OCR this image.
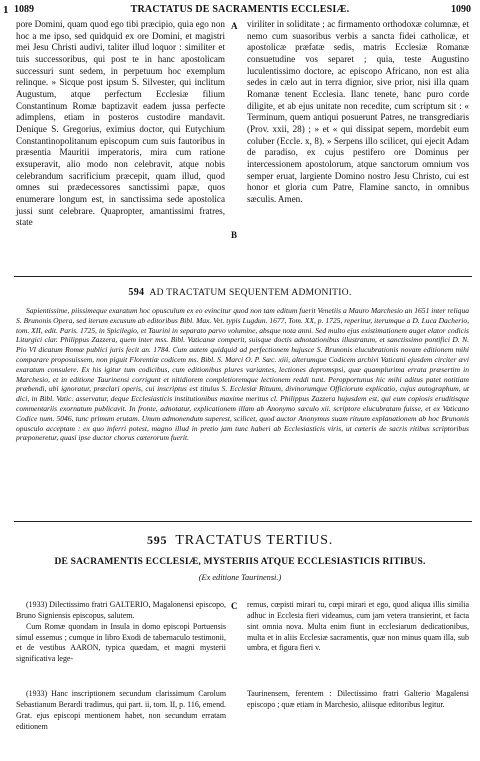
1 1089	TRACTATUS DE SACRAMENTIS ECCLESIÆ.	1090
pore Domini, quam quod ego tibi præcipio, quia ego non hoc a me ipso, sed quidquid ex ore Domini, et magistri mei Jesu Christi audivi, taliter illud loquor : similiter et tuis successoribus, qui post te in hanc apostolicam successuri sunt sedem, in perpetuum hoc exemplum relinque. » Sicque post ipsum S. Silvester, qui inclitum Augustum, atque perfectum Ecclesiæ filium Constantinum Romæ baptizavit eadem jussa perfecte adimplens, etiam in posteros custodire mandavit. Denique S. Gregorius, eximius doctor, qui Eutychium Constantinopolitanum episcopum cum suis fautoribus in præsentia Mauritii imperatoris, mira cum ratione exsuperavit, alio modo non celebravit, atque nobis celebrandum sacrificium præcepit, quam illud, quod omnes sui prædecessores sanctissimi papæ, quos enumerare longum est, in sanctissima sede apostolica jussi sunt celebrare. Quapropter, amantissimi fratres, state
viriliter in soliditate ; ac firmamento orthodoxæ columnæ, et nemo cum suasoribus verbis a sancta fidei catholicæ, et apostolicæ præfatæ sedis, matris Ecclesiæ Romanæ consuetudine vos separet ; quia, teste Augustino luculentissimo doctore, ac episcopo Africano, non est alia sedes in cælo aut in terra dignior, sive prior, nisi illa quam Romanæ tenent Ecclesia. Ilanc tenete, hanc puro corde diligite, et ab ejus unitate non recedite, cum scriptum sit : « Terminum, quem antiqui posuerunt Patres, ne transgrediaris (Prov. xxii, 28) ; » et « qui dissipat sepem, mordebit eum coluber (Eccle. x, 8). » Serpens illo scilicet, qui ejecit Adam de paradiso, ex cujus pestifero ore Dominus per intercessionem apostolorum, atque sanctorum omnium vos semper eruat, largiente Domino nostro Jesu Christo, cui est honor et gloria cum Patre, Flamine sancto, in omnibus sæculis. Amen.
A
B
594 AD TRACTATUM SEQUENTEM ADMONITIO.
Sapientissime, piissimeque exaratum hoc opusculum ex eo evincitur quod non tam editum fuerit Venetiis a Mauro Marchesio an 1651 inter reliqua S. Brunonis Opera, sed iterum excusum ab editoribus Bibl. Max. Vet. typis Lugdun. 1677, Tom. XX, p. 1725, reperitur, iterumque a D. Luca Dacherio, tom. XII, edit. Paris. 1725, in Spicilegio, et Taurini in separato parvo volumine, absque nota anni. Sed multo ejus existimationem auget elator codicis Liturgici clar. Philippus Zazzera, quem inter mss. Bibl. Vaticanæ comperit, suisque doctis adnotationibus illustratum, et sanctissimo pontifici D. N. Pio VI dicatum Romæ publici juris fecit an. 1784. Cum autem quidquid ad perfectionem hujusce S. Brunonis elucubrationis novam editionem mihi comparare proposuissem, non piguit Florentiæ codicem ms. Bibl. S. Marci O. P. Sæc. xiii, alterumque Codicem archivi Vaticani ejusdem circiter ævi exaratum consulere. Ex his igitur tum codicibus, cum editionibus plures variantes, lectiones depromspsi, quæ quamplurima errata præsertim in Marchesio, et in editione Taurinensi corrigunt et nitidiorem completioremque lectionem reddi tunt. Peropportunus hic mihi aditus patet notitiam præbendi, ubi ignoratur, præclari operis, cui inscriptus est titulus S. Ecclesiæ Rituum, divinorumque Officiorum explicatio, cujus autographum, ut dici, in Bibl. Vatic. asservatur, deque Ecclesiasticis institutionibus maxime meritus cl. Philippus Zazzera hujusdem est, qui eum copiosis eruditisque commentariis exornatum publicavit. In fronte, adnotatur, explicationem illam ab Anonymo sæculo xii. scriptore elucubratam fuisse, et ex Vaticano Codice num. 5046, tunc primum erutam. Unum admonendum superest, scilicet, quod auctor Anonymus suam rituum explanationem ab hoc Brunonis opusculo acceptam : ex quo inferri potest, magno illud in pretio jam tunc haberi ab Ecclesiasticis viris, ut cæteris de sacris ritibus scriptoribus præponeretur, quasi ipse ductor chorus cæterorum fuerit.
595 TRACTATUS TERTIUS.
DE SACRAMENTIS ECCLESIÆ, MYSTERIIS ATQUE ECCLESIASTICIS RITIBUS.
(Ex editione Taurinensi.)
C
(1933) Dilectissimo fratri GALTERIO, Magalonensi episcopo, Bruno Signiensis episcopus, salutem.
Cum Romæ quondam in Insula in domo episcopi Portuensis simul essemus ; cumque in libro Exodi de tabernaculo testimonii, et de vestibus AARON, typica quædam, et magni mysterii significativa lege-
remus, cœpisti mirari tu, cœpi mirari et ego, quod aliqua illis similia adhuc in Ecclesia fieri videamus, cum jam vetera transierint, et facta sint omnia nova. Multa enim fiunt in ecclesiarum dedicationibus, multa et in aliis Ecclesiæ sacramentis, quæ non minus quam illa, sub umbra, et figura fieri v.
(1933) Hanc inscriptionem secundum clarissimum Carolum Sebastianum Berardi tradimus, qui part. ii, tom. II, p. 116, emend. Grat. ejus episcopi mentionem habet, non secundum erratam editionem
Taurinensem, ferentem : Dilectissimo fratri Galterio Magalensi episcopo ; quæ etiam in Marchesio, aliisque editoribus legitur.
